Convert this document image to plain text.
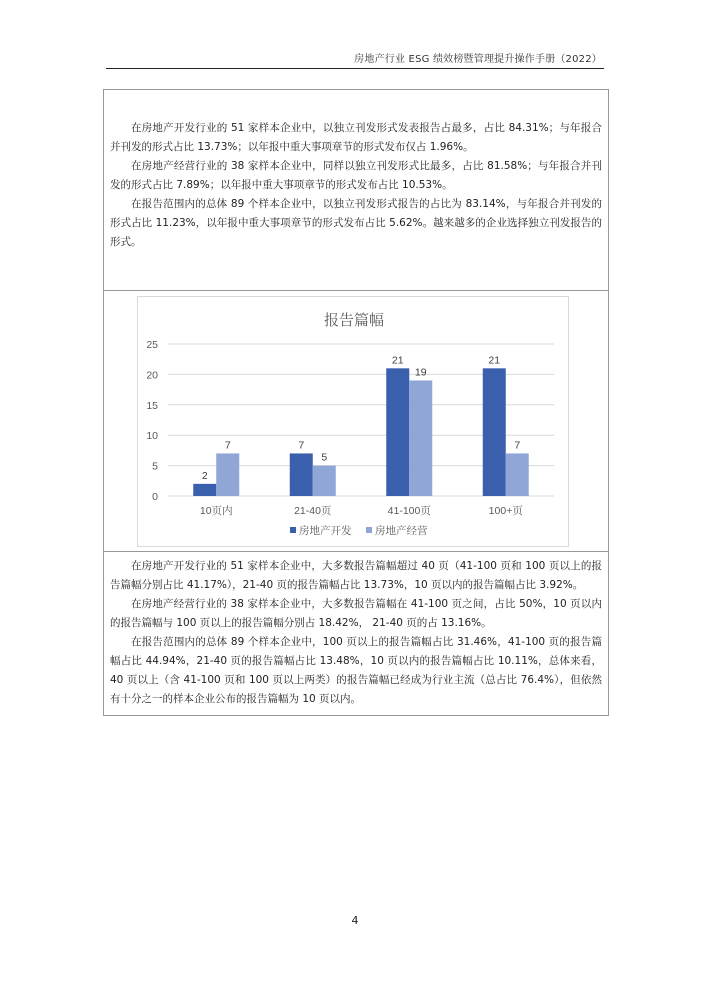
房地产行业 ESG 绩效榜暨管理提升操作手册（2022）

在房地产开发行业的 51 家样本企业中，以独立刊发形式发表报告占最多，占比 84.31%；与年报合并刊发的形式占比 13.73%；以年报中重大事项章节的形式发布仅占 1.96%。

在房地产经营行业的 38 家样本企业中，同样以独立刊发形式比最多，占比 81.58%；与年报合并刊发的形式占比 7.89%；以年报中重大事项章节的形式发布占比 10.53%。

在报告范围内的总体 89 个样本企业中，以独立刊发形式报告的占比为 83.14%，与年报合并刊发的形式占比 11.23%，以年报中重大事项章节的形式发布占比 5.62%。越来越多的企业选择独立刊发报告的形式。

报告篇幅
0
5
10
15
20
25
2
7
10页内
7
5
21-40页
21
19
41-100页
21
7
100+页
房地产开发 房地产经营

在房地产开发行业的 51 家样本企业中，大多数报告篇幅超过 40 页（41-100 页和 100 页以上的报告篇幅分别占比 41.17%），21-40 页的报告篇幅占比 13.73%，10 页以内的报告篇幅占比 3.92%。

在房地产经营行业的 38 家样本企业中，大多数报告篇幅在 41-100 页之间，占比 50%，10 页以内的报告篇幅与 100 页以上的报告篇幅分别占 18.42%， 21-40 页的占 13.16%。

在报告范围内的总体 89 个样本企业中，100 页以上的报告篇幅占比 31.46%，41-100 页的报告篇幅占比 44.94%，21-40 页的报告篇幅占比 13.48%，10 页以内的报告篇幅占比 10.11%，总体来看，40 页以上（含 41-100 页和 100 页以上两类）的报告篇幅已经成为行业主流（总占比 76.4%），但依然有十分之一的样本企业公布的报告篇幅为 10 页以内。

4
